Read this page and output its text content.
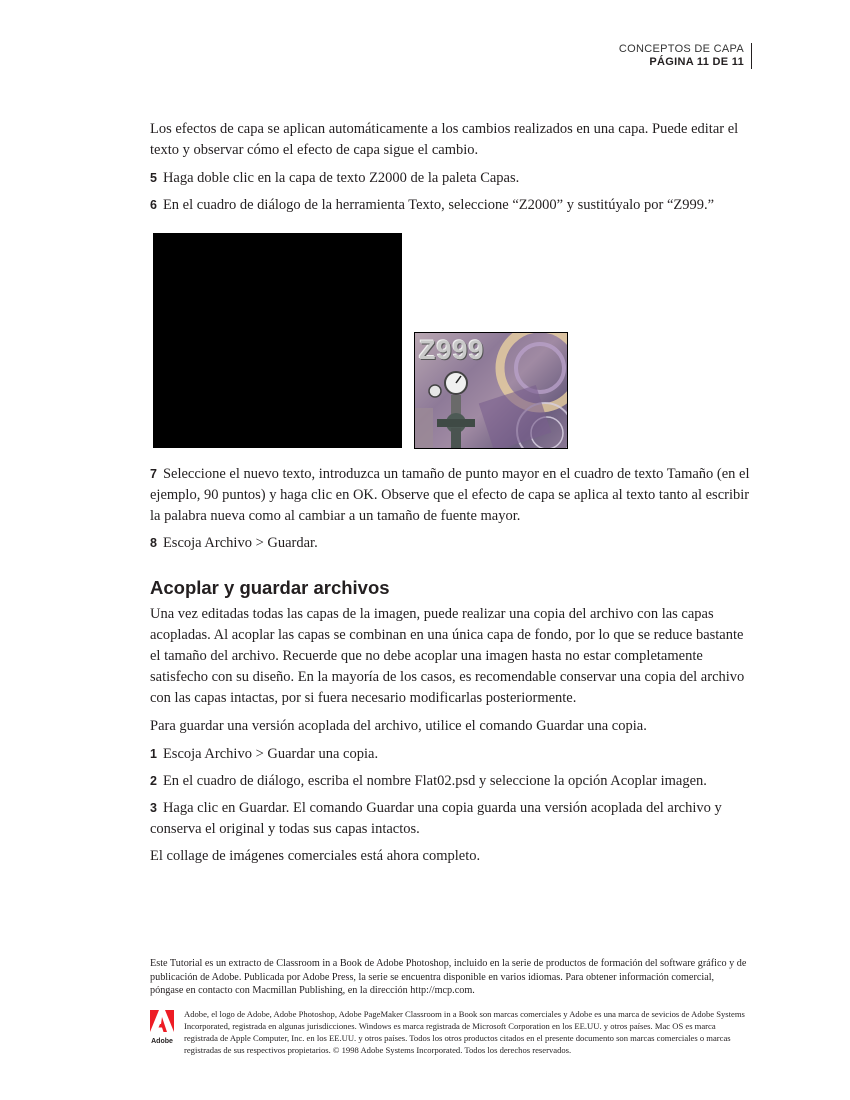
CONCEPTOS DE CAPA
PÁGINA 11 DE 11

Los efectos de capa se aplican automáticamente a los cambios realizados en una capa. Puede editar el texto y observar cómo el efecto de capa sigue el cambio.

5 Haga doble clic en la capa de texto Z2000 de la paleta Capas.

6 En el cuadro de diálogo de la herramienta Texto, seleccione “Z2000” y sustitúyalo por “Z999.”

Z999

7 Seleccione el nuevo texto, introduzca un tamaño de punto mayor en el cuadro de texto Tamaño (en el ejemplo, 90 puntos) y haga clic en OK. Observe que el efecto de capa se aplica al texto tanto al escribir la palabra nueva como al cambiar a un tamaño de fuente mayor.

8 Escoja Archivo > Guardar.

Acoplar y guardar archivos

Una vez editadas todas las capas de la imagen, puede realizar una copia del archivo con las capas acopladas. Al acoplar las capas se combinan en una única capa de fondo, por lo que se reduce bastante el tamaño del archivo. Recuerde que no debe acoplar una imagen hasta no estar completamente satisfecho con su diseño. En la mayoría de los casos, es recomendable conservar una copia del archivo con las capas intactas, por si fuera necesario modificarlas posteriormente.

Para guardar una versión acoplada del archivo, utilice el comando Guardar una copia.

1 Escoja Archivo > Guardar una copia.

2 En el cuadro de diálogo, escriba el nombre Flat02.psd y seleccione la opción Acoplar imagen.

3 Haga clic en Guardar. El comando Guardar una copia guarda una versión acoplada del archivo y conserva el original y todas sus capas intactos.

El collage de imágenes comerciales está ahora completo.

Este Tutorial es un extracto de Classroom in a Book de Adobe Photoshop, incluido en la serie de productos de formación del software gráfico y de publicación de Adobe. Publicada por Adobe Press, la serie se encuentra disponible en varios idiomas. Para obtener información comercial, póngase en contacto con Macmillan Publishing, en la dirección http://mcp.com.

Adobe

Adobe, el logo de Adobe, Adobe Photoshop, Adobe PageMaker Classroom in a Book son marcas comerciales y Adobe es una marca de sevicios de Adobe Systems Incorporated, registrada en algunas jurisdicciones. Windows es marca registrada de Microsoft Corporation en los EE.UU. y otros países. Mac OS es marca registrada de Apple Computer, Inc. en los EE.UU. y otros países. Todos los otros productos citados en el presente documento son marcas comerciales o marcas registradas de sus respectivos propietarios. © 1998 Adobe Systems Incorporated. Todos los derechos reservados.
